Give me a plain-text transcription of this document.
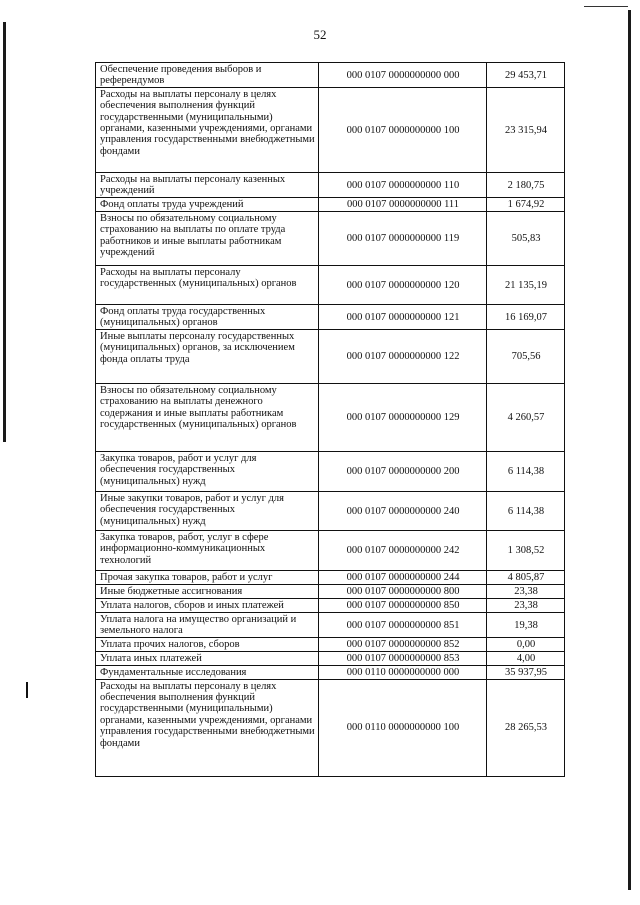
52
Обеспечение проведения выборов и референдумов	000 0107 0000000000 000	29 453,71
Расходы на выплаты персоналу в целях обеспечения выполнения функций государственными (муниципальными) органами, казенными учреждениями, органами управления государственными внебюджетными фондами	000 0107 0000000000 100	23 315,94
Расходы на выплаты персоналу казенных учреждений	000 0107 0000000000 110	2 180,75
Фонд оплаты труда учреждений	000 0107 0000000000 111	1 674,92
Взносы по обязательному социальному страхованию на выплаты по оплате труда работников и иные выплаты работникам учреждений	000 0107 0000000000 119	505,83
Расходы на выплаты персоналу государственных (муниципальных) органов	000 0107 0000000000 120	21 135,19
Фонд оплаты труда государственных (муниципальных) органов	000 0107 0000000000 121	16 169,07
Иные выплаты персоналу государственных (муниципальных) органов, за исключением фонда оплаты труда	000 0107 0000000000 122	705,56
Взносы по обязательному социальному страхованию на выплаты денежного содержания и иные выплаты работникам государственных (муниципальных) органов	000 0107 0000000000 129	4 260,57
Закупка товаров, работ и услуг для обеспечения государственных (муниципальных) нужд	000 0107 0000000000 200	6 114,38
Иные закупки товаров, работ и услуг для обеспечения государственных (муниципальных) нужд	000 0107 0000000000 240	6 114,38
Закупка товаров, работ, услуг в сфере информационно-коммуникационных технологий	000 0107 0000000000 242	1 308,52
Прочая закупка товаров, работ и услуг	000 0107 0000000000 244	4 805,87
Иные бюджетные ассигнования	000 0107 0000000000 800	23,38
Уплата налогов, сборов и иных платежей	000 0107 0000000000 850	23,38
Уплата налога на имущество организаций и земельного налога	000 0107 0000000000 851	19,38
Уплата прочих налогов, сборов	000 0107 0000000000 852	0,00
Уплата иных платежей	000 0107 0000000000 853	4,00
Фундаментальные исследования	000 0110 0000000000 000	35 937,95
Расходы на выплаты персоналу в целях обеспечения выполнения функций государственными (муниципальными) органами, казенными учреждениями, органами управления государственными внебюджетными фондами	000 0110 0000000000 100	28 265,53
